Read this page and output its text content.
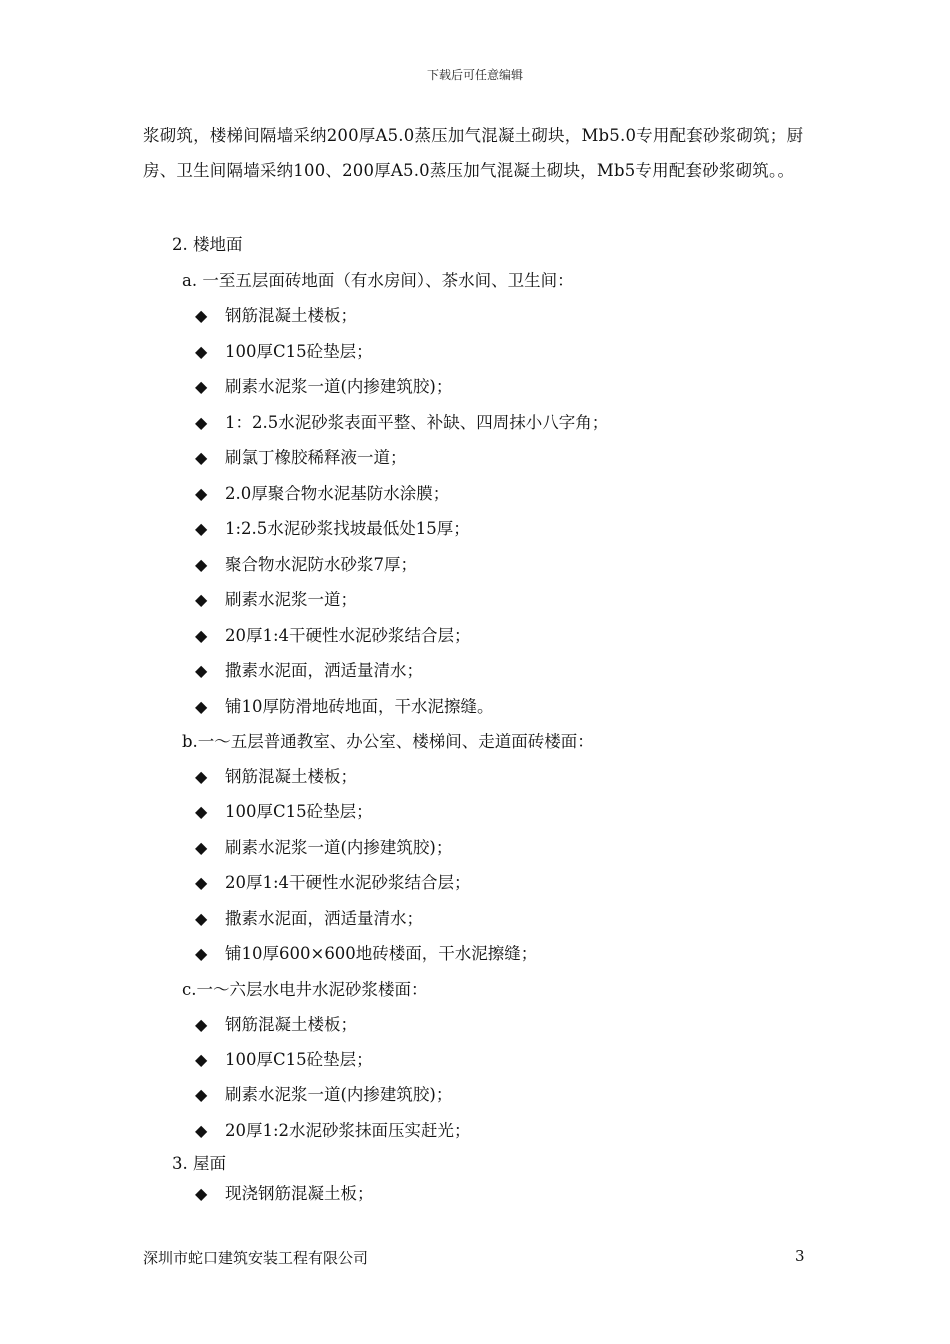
下载后可任意编辑
浆砌筑，楼梯间隔墙采纳200厚A5.0蒸压加气混凝土砌块，Mb5.0专用配套砂浆砌筑；厨房、卫生间隔墙采纳100、200厚A5.0蒸压加气混凝土砌块，Mb5专用配套砂浆砌筑。。
2. 楼地面
a. 一至五层面砖地面（有水房间）、茶水间、卫生间：
◆ 钢筋混凝土楼板；
◆ 100厚C15砼垫层；
◆ 刷素水泥浆一道(内掺建筑胶)；
◆ 1：2.5水泥砂浆表面平整、补缺、四周抹小八字角；
◆ 刷氯丁橡胶稀释液一道；
◆ 2.0厚聚合物水泥基防水涂膜；
◆ 1:2.5水泥砂浆找坡最低处15厚；
◆ 聚合物水泥防水砂浆7厚；
◆ 刷素水泥浆一道；
◆ 20厚1:4干硬性水泥砂浆结合层；
◆ 撒素水泥面，洒适量清水；
◆ 铺10厚防滑地砖地面，干水泥擦缝。
b.一～五层普通教室、办公室、楼梯间、走道面砖楼面：
◆ 钢筋混凝土楼板；
◆ 100厚C15砼垫层；
◆ 刷素水泥浆一道(内掺建筑胶)；
◆ 20厚1:4干硬性水泥砂浆结合层；
◆ 撒素水泥面，洒适量清水；
◆ 铺10厚600×600地砖楼面，干水泥擦缝；
c.一～六层水电井水泥砂浆楼面：
◆ 钢筋混凝土楼板；
◆ 100厚C15砼垫层；
◆ 刷素水泥浆一道(内掺建筑胶)；
◆ 20厚1:2水泥砂浆抹面压实赶光；
3. 屋面
◆ 现浇钢筋混凝土板；
深圳市蛇口建筑安装工程有限公司	3
